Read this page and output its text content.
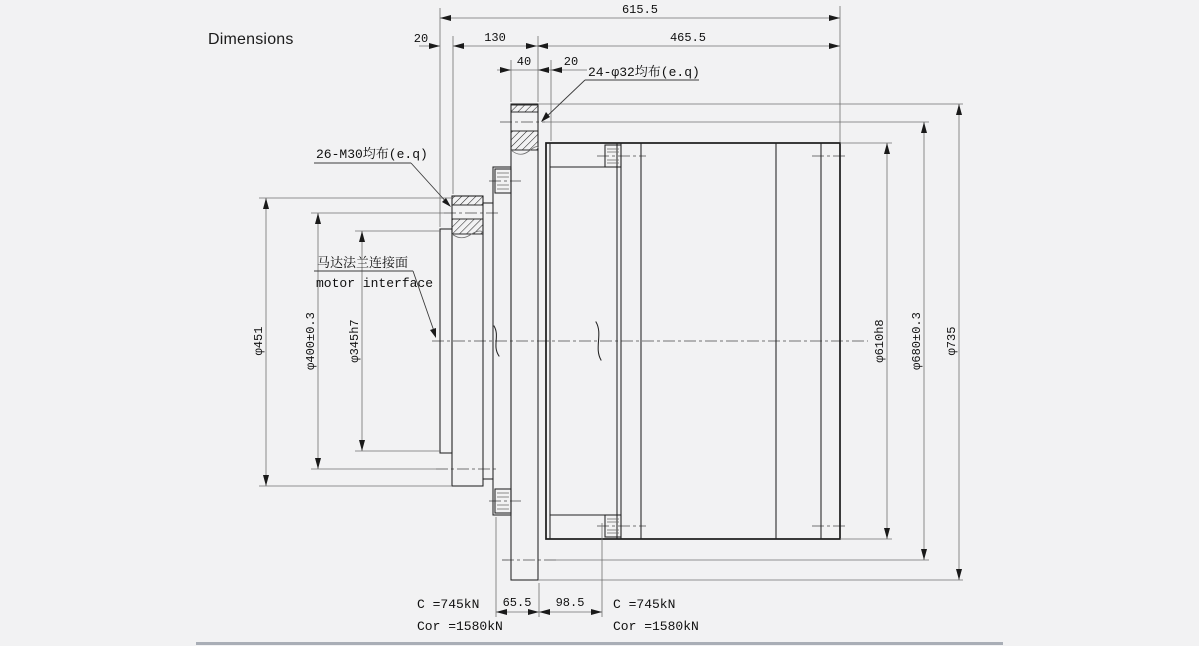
Dimensions
615.5
20	130	465.5
40	20
65.5 98.5
φ451	φ400±0.3	φ345h7	φ610h8 φ680±0.3 φ735
24-φ32均布(e.q)
26-M30均布(e.q)
马达法兰连接面
motor interface
C =745kN
Cor =1580kN
C =745kN
Cor =1580kN
